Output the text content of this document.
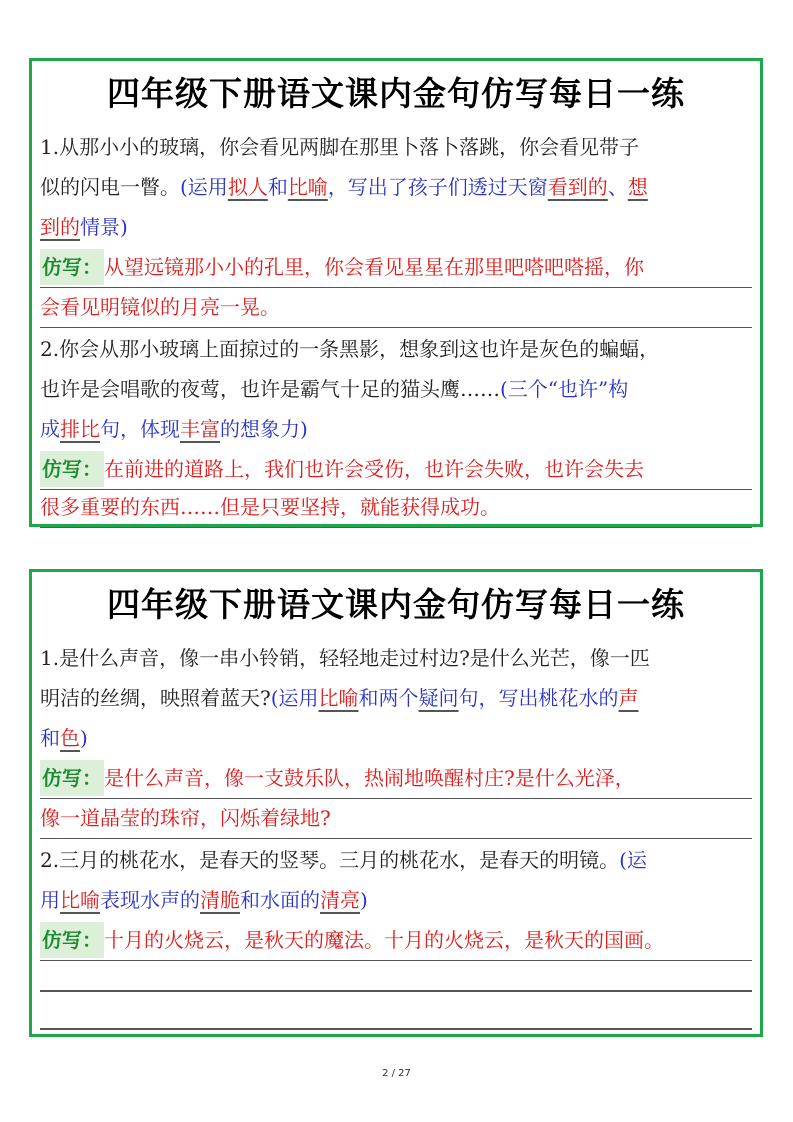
四年级下册语文课内金句仿写每日一练
1.从那小小的玻璃，你会看见两脚在那里卜落卜落跳，你会看见带子
似的闪电一瞥。(运用拟人和比喻，写出了孩子们透过天窗看到的、想
到的情景)
仿写： 从望远镜那小小的孔里，你会看见星星在那里吧嗒吧嗒摇，你
会看见明镜似的月亮一晃。
2.你会从那小玻璃上面掠过的一条黑影，想象到这也许是灰色的蝙蝠，
也许是会唱歌的夜莺，也许是霸气十足的猫头鹰……(三个“也许”构
成排比句，体现丰富的想象力)
仿写： 在前进的道路上，我们也许会受伤，也许会失败，也许会失去
很多重要的东西……但是只要坚持，就能获得成功。
四年级下册语文课内金句仿写每日一练
1.是什么声音，像一串小铃销，轻轻地走过村边?是什么光芒，像一匹
明洁的丝绸，映照着蓝天?(运用比喻和两个疑问句，写出桃花水的声
和色)
仿写： 是什么声音，像一支鼓乐队，热闹地唤醒村庄?是什么光泽，
像一道晶莹的珠帘，闪烁着绿地?
2.三月的桃花水，是春天的竖琴。三月的桃花水，是春天的明镜。(运
用比喻表现水声的清脆和水面的清亮)
仿写： 十月的火烧云，是秋天的魔法。十月的火烧云，是秋天的国画。
2 / 27
